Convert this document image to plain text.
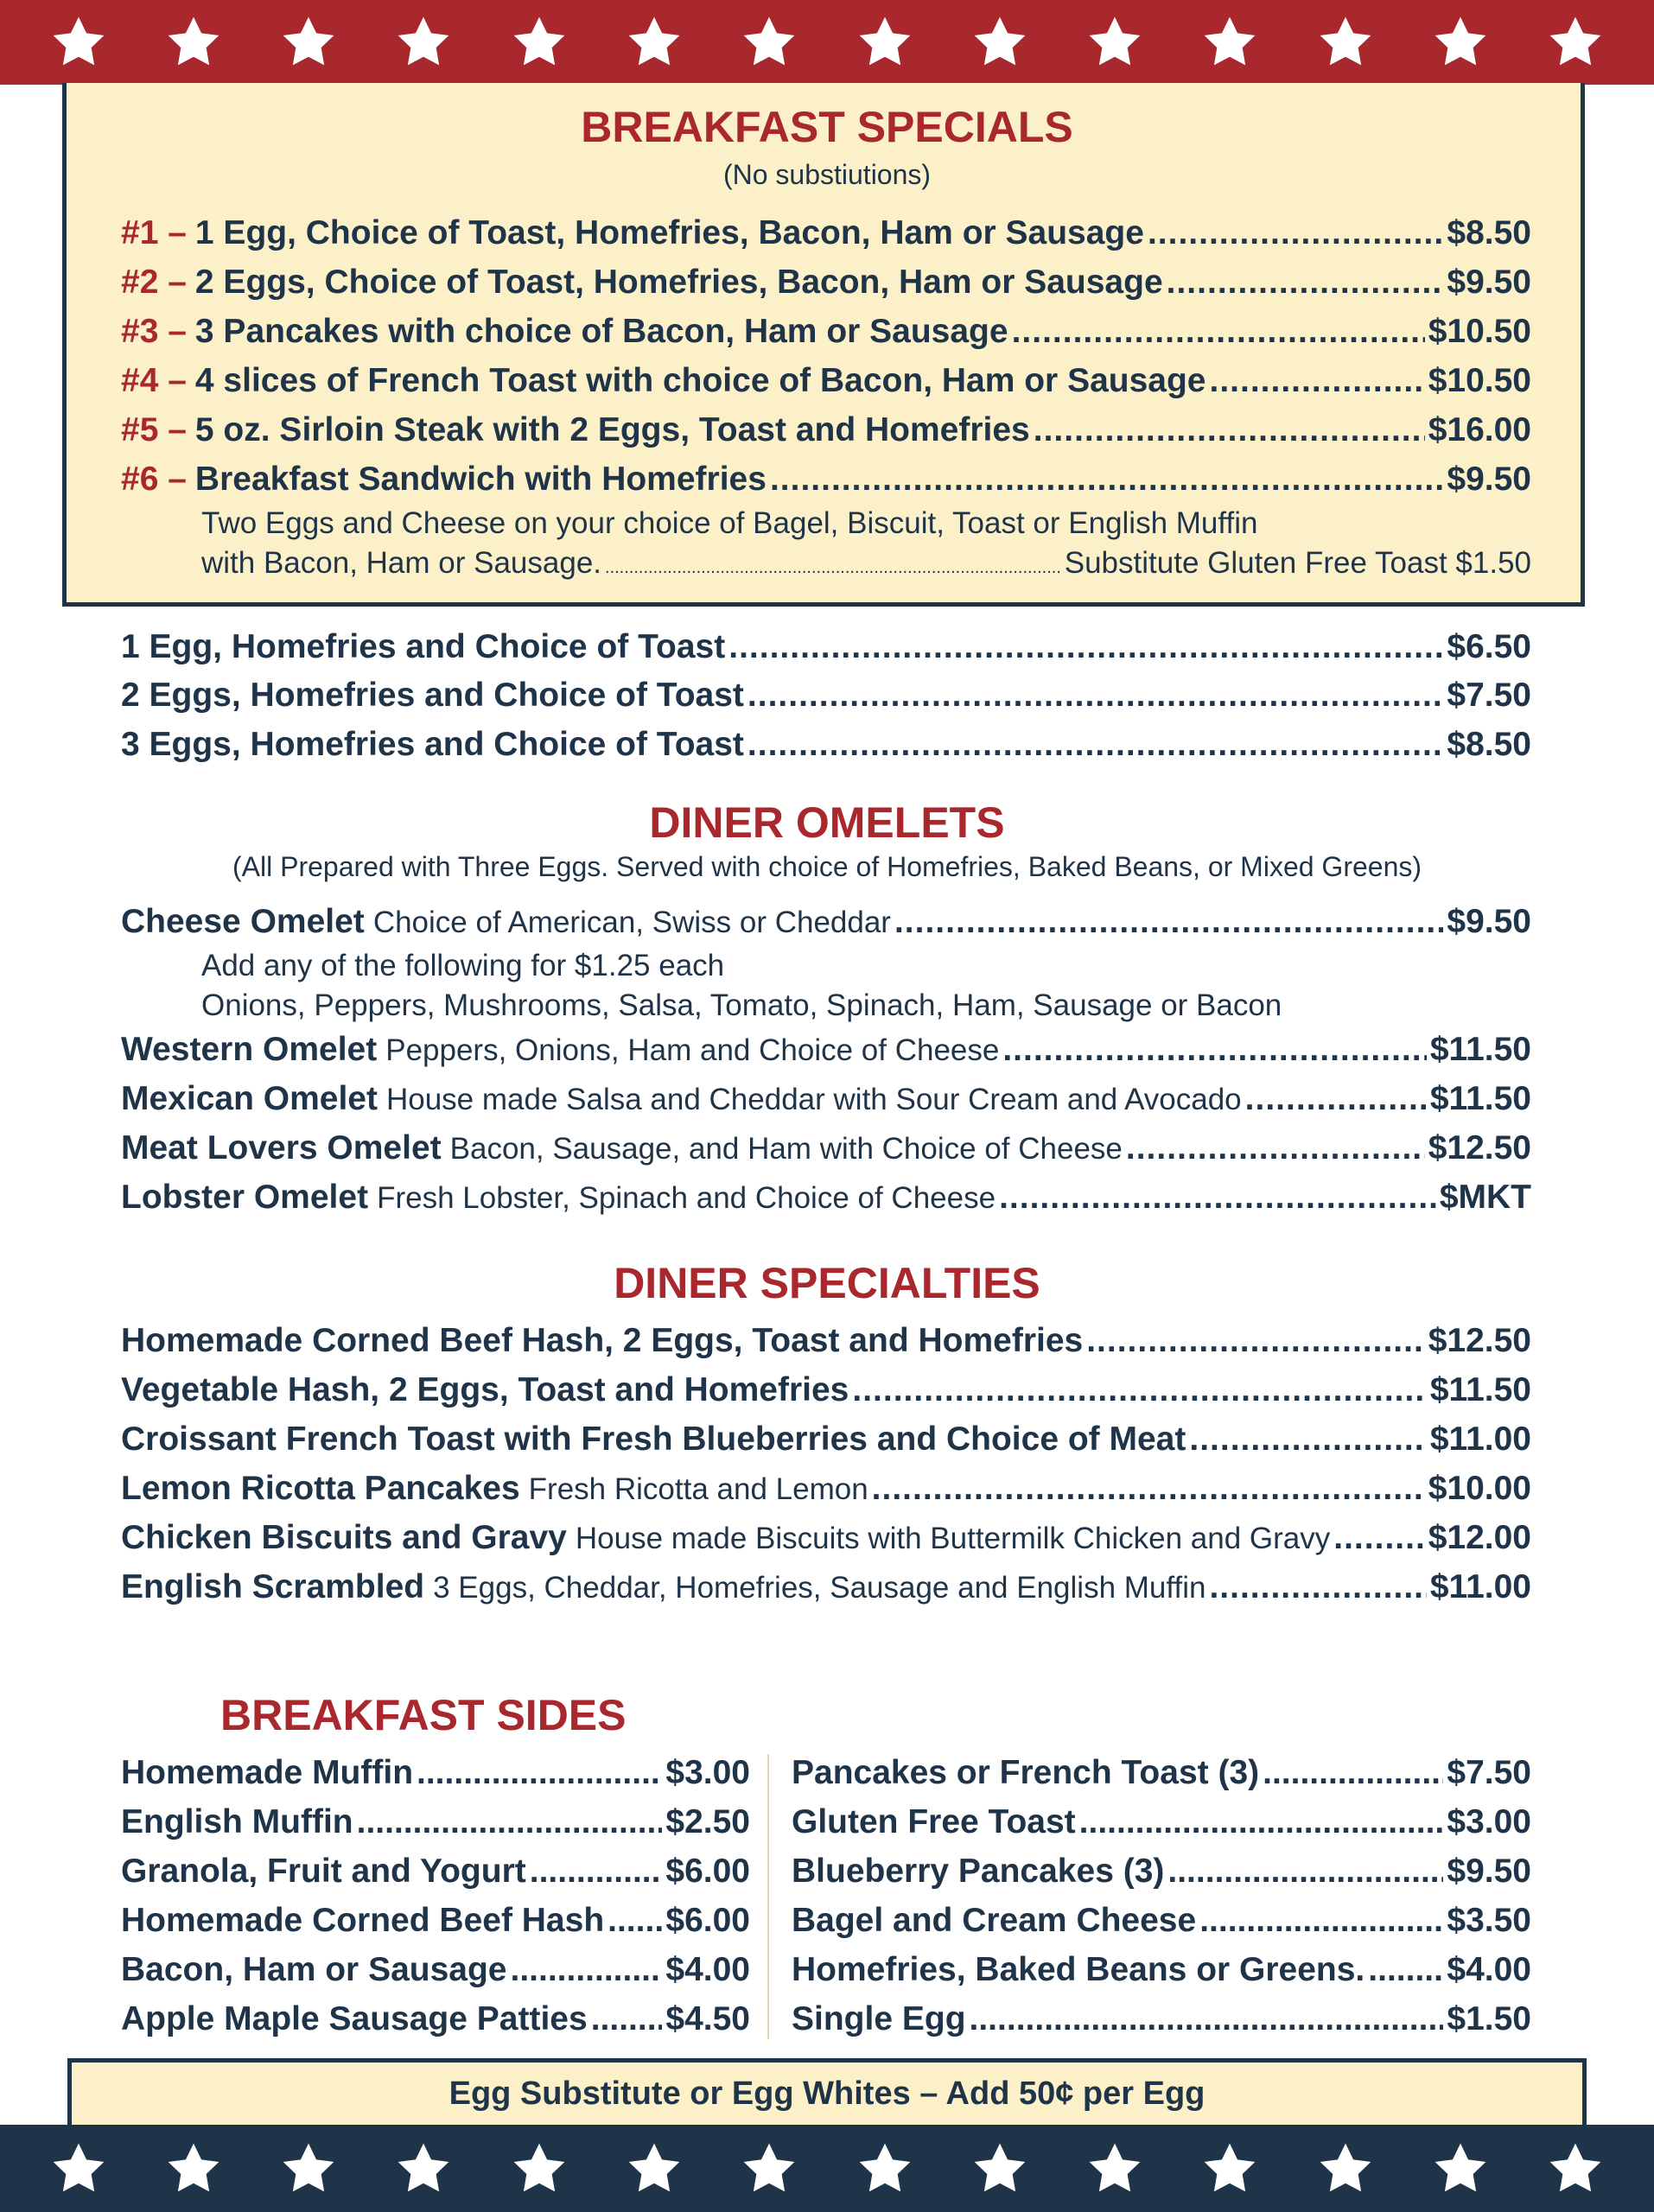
BREAKFAST SPECIALS
(No substiutions)
#1 – 1 Egg, Choice of Toast, Homefries, Bacon, Ham or Sausage .....	$8.50
#2 – 2 Eggs, Choice of Toast, Homefries, Bacon, Ham or Sausage .....	$9.50
#3 – 3 Pancakes with choice of Bacon, Ham or Sausage .....	$10.50
#4 – 4 slices of French Toast with choice of Bacon, Ham or Sausage .....	$10.50
#5 – 5 oz. Sirloin Steak with 2 Eggs, Toast and Homefries .....	$16.00
#6 – Breakfast Sandwich with Homefries .....	$9.50
Two Eggs and Cheese on your choice of Bagel, Biscuit, Toast or English Muffin
with Bacon, Ham or Sausage. .....	Substitute Gluten Free Toast $1.50
1 Egg, Homefries and Choice of Toast .....	$6.50
2 Eggs, Homefries and Choice of Toast .....	$7.50
3 Eggs, Homefries and Choice of Toast .....	$8.50
DINER OMELETS
(All Prepared with Three Eggs. Served with choice of Homefries, Baked Beans, or Mixed Greens)
Cheese Omelet Choice of American, Swiss or Cheddar .....	$9.50
Add any of the following for $1.25 each
Onions, Peppers, Mushrooms, Salsa, Tomato, Spinach, Ham, Sausage or Bacon
Western Omelet Peppers, Onions, Ham and Choice of Cheese .....	$11.50
Mexican Omelet House made Salsa and Cheddar with Sour Cream and Avocado .....	$11.50
Meat Lovers Omelet Bacon, Sausage, and Ham with Choice of Cheese .....	$12.50
Lobster Omelet Fresh Lobster, Spinach and Choice of Cheese .....	$MKT
DINER SPECIALTIES
Homemade Corned Beef Hash, 2 Eggs, Toast and Homefries .....	$12.50
Vegetable Hash, 2 Eggs, Toast and Homefries .....	$11.50
Croissant French Toast with Fresh Blueberries and Choice of Meat .....	$11.00
Lemon Ricotta Pancakes Fresh Ricotta and Lemon .....	$10.00
Chicken Biscuits and Gravy House made Biscuits with Buttermilk Chicken and Gravy .....	$12.00
English Scrambled 3 Eggs, Cheddar, Homefries, Sausage and English Muffin .....	$11.00
BREAKFAST SIDES
Homemade Muffin .....	$3.00
English Muffin .....	$2.50
Granola, Fruit and Yogurt .....	$6.00
Homemade Corned Beef Hash ..... $6.00
Bacon, Ham or Sausage .....	$4.00
Apple Maple Sausage Patties ..... $4.50
Pancakes or French Toast (3) .....	$7.50
Gluten Free Toast .....	$3.00
Blueberry Pancakes (3) .....	$9.50
Bagel and Cream Cheese .....	$3.50
Homefries, Baked Beans or Greens. ..... $4.00
Single Egg .....	$1.50
Egg Substitute or Egg Whites – Add 50¢ per Egg
